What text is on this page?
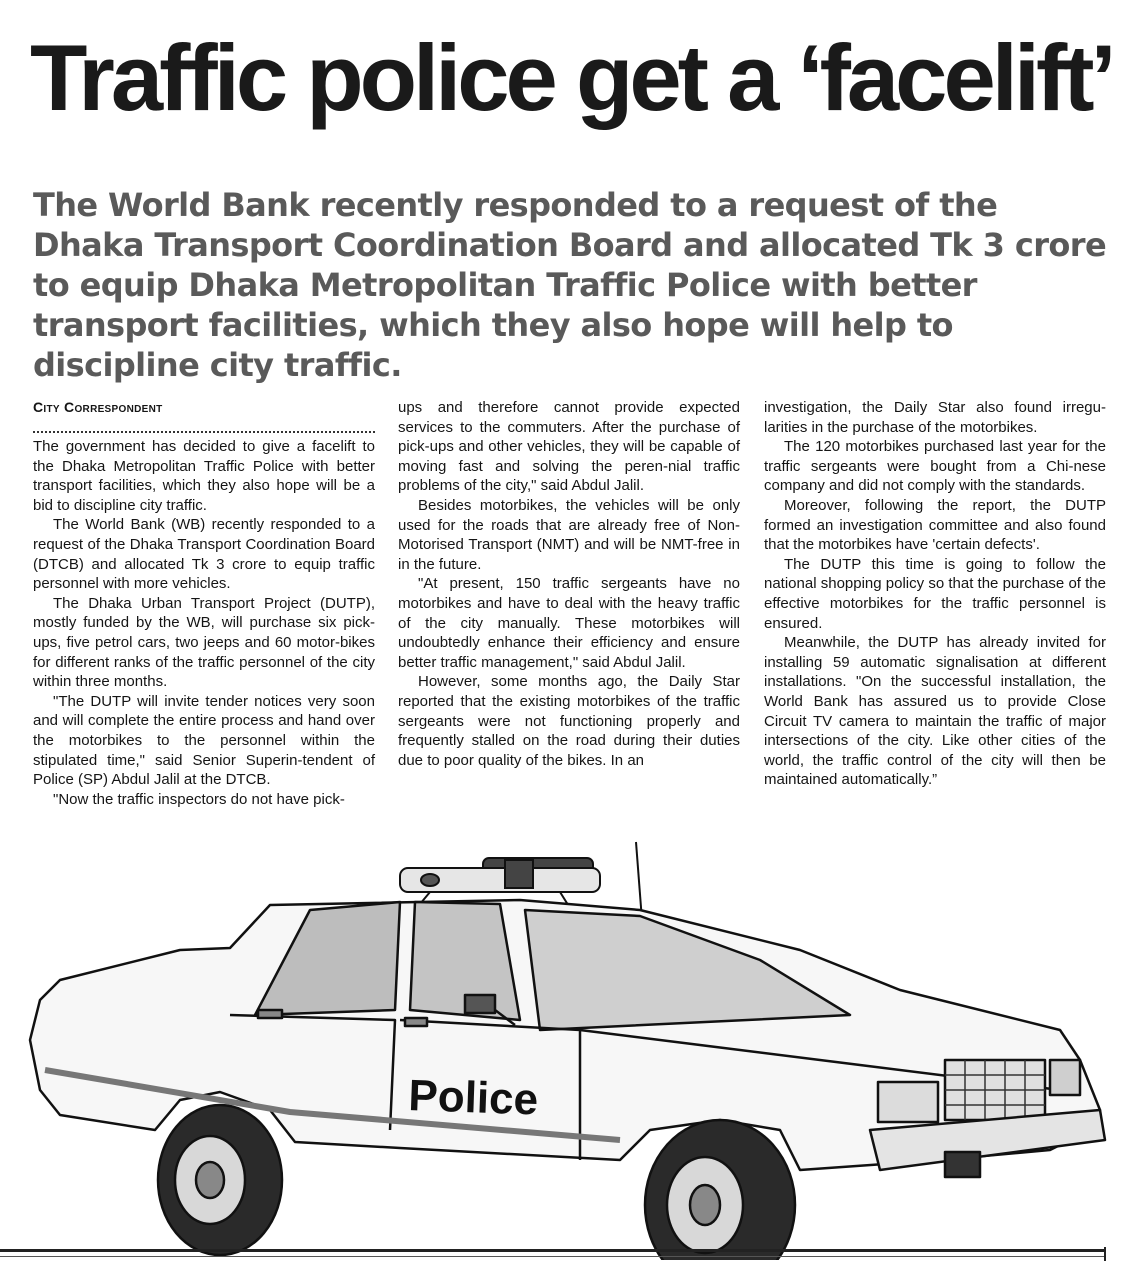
Traffic police get a ‘facelift’
The World Bank recently responded to a request of the Dhaka Transport Coordination Board and allocated Tk 3 crore to equip Dhaka Metropolitan Traffic Police with better transport facilities, which they also hope will help to discipline city traffic.

City Correspondent

The government has decided to give a facelift to the Dhaka Metropolitan Traffic Police with better transport facilities, which they also hope will be a bid to discipline city traffic.

The World Bank (WB) recently responded to a request of the Dhaka Transport Coordination Board (DTCB) and allocated Tk 3 crore to equip traffic personnel with more vehicles.

The Dhaka Urban Transport Project (DUTP), mostly funded by the WB, will purchase six pick-ups, five petrol cars, two jeeps and 60 motor-bikes for different ranks of the traffic personnel of the city within three months.

"The DUTP will invite tender notices very soon and will complete the entire process and hand over the motorbikes to the personnel within the stipulated time," said Senior Superin-tendent of Police (SP) Abdul Jalil at the DTCB.

"Now the traffic inspectors do not have pick-

ups and therefore cannot provide expected services to the commuters. After the purchase of pick-ups and other vehicles, they will be capable of moving fast and solving the peren-nial traffic problems of the city," said Abdul Jalil.

Besides motorbikes, the vehicles will be only used for the roads that are already free of Non-Motorised Transport (NMT) and will be NMT-free in in the future.

"At present, 150 traffic sergeants have no motorbikes and have to deal with the heavy traffic of the city manually. These motorbikes will undoubtedly enhance their efficiency and ensure better traffic management," said Abdul Jalil.

However, some months ago, the Daily Star reported that the existing motorbikes of the traffic sergeants were not functioning properly and frequently stalled on the road during their duties due to poor quality of the bikes. In an

investigation, the Daily Star also found irregu-larities in the purchase of the motorbikes.

The 120 motorbikes purchased last year for the traffic sergeants were bought from a Chi-nese company and did not comply with the standards.

Moreover, following the report, the DUTP formed an investigation committee and also found that the motorbikes have 'certain defects'.

The DUTP this time is going to follow the national shopping policy so that the purchase of the effective motorbikes for the traffic personnel is ensured.

Meanwhile, the DUTP has already invited for installing 59 automatic signalisation at different installations. "On the successful installation, the World Bank has assured us to provide Close Circuit TV camera to maintain the traffic of major intersections of the city. Like other cities of the world, the traffic control of the city will then be maintained automatically.”

Police
